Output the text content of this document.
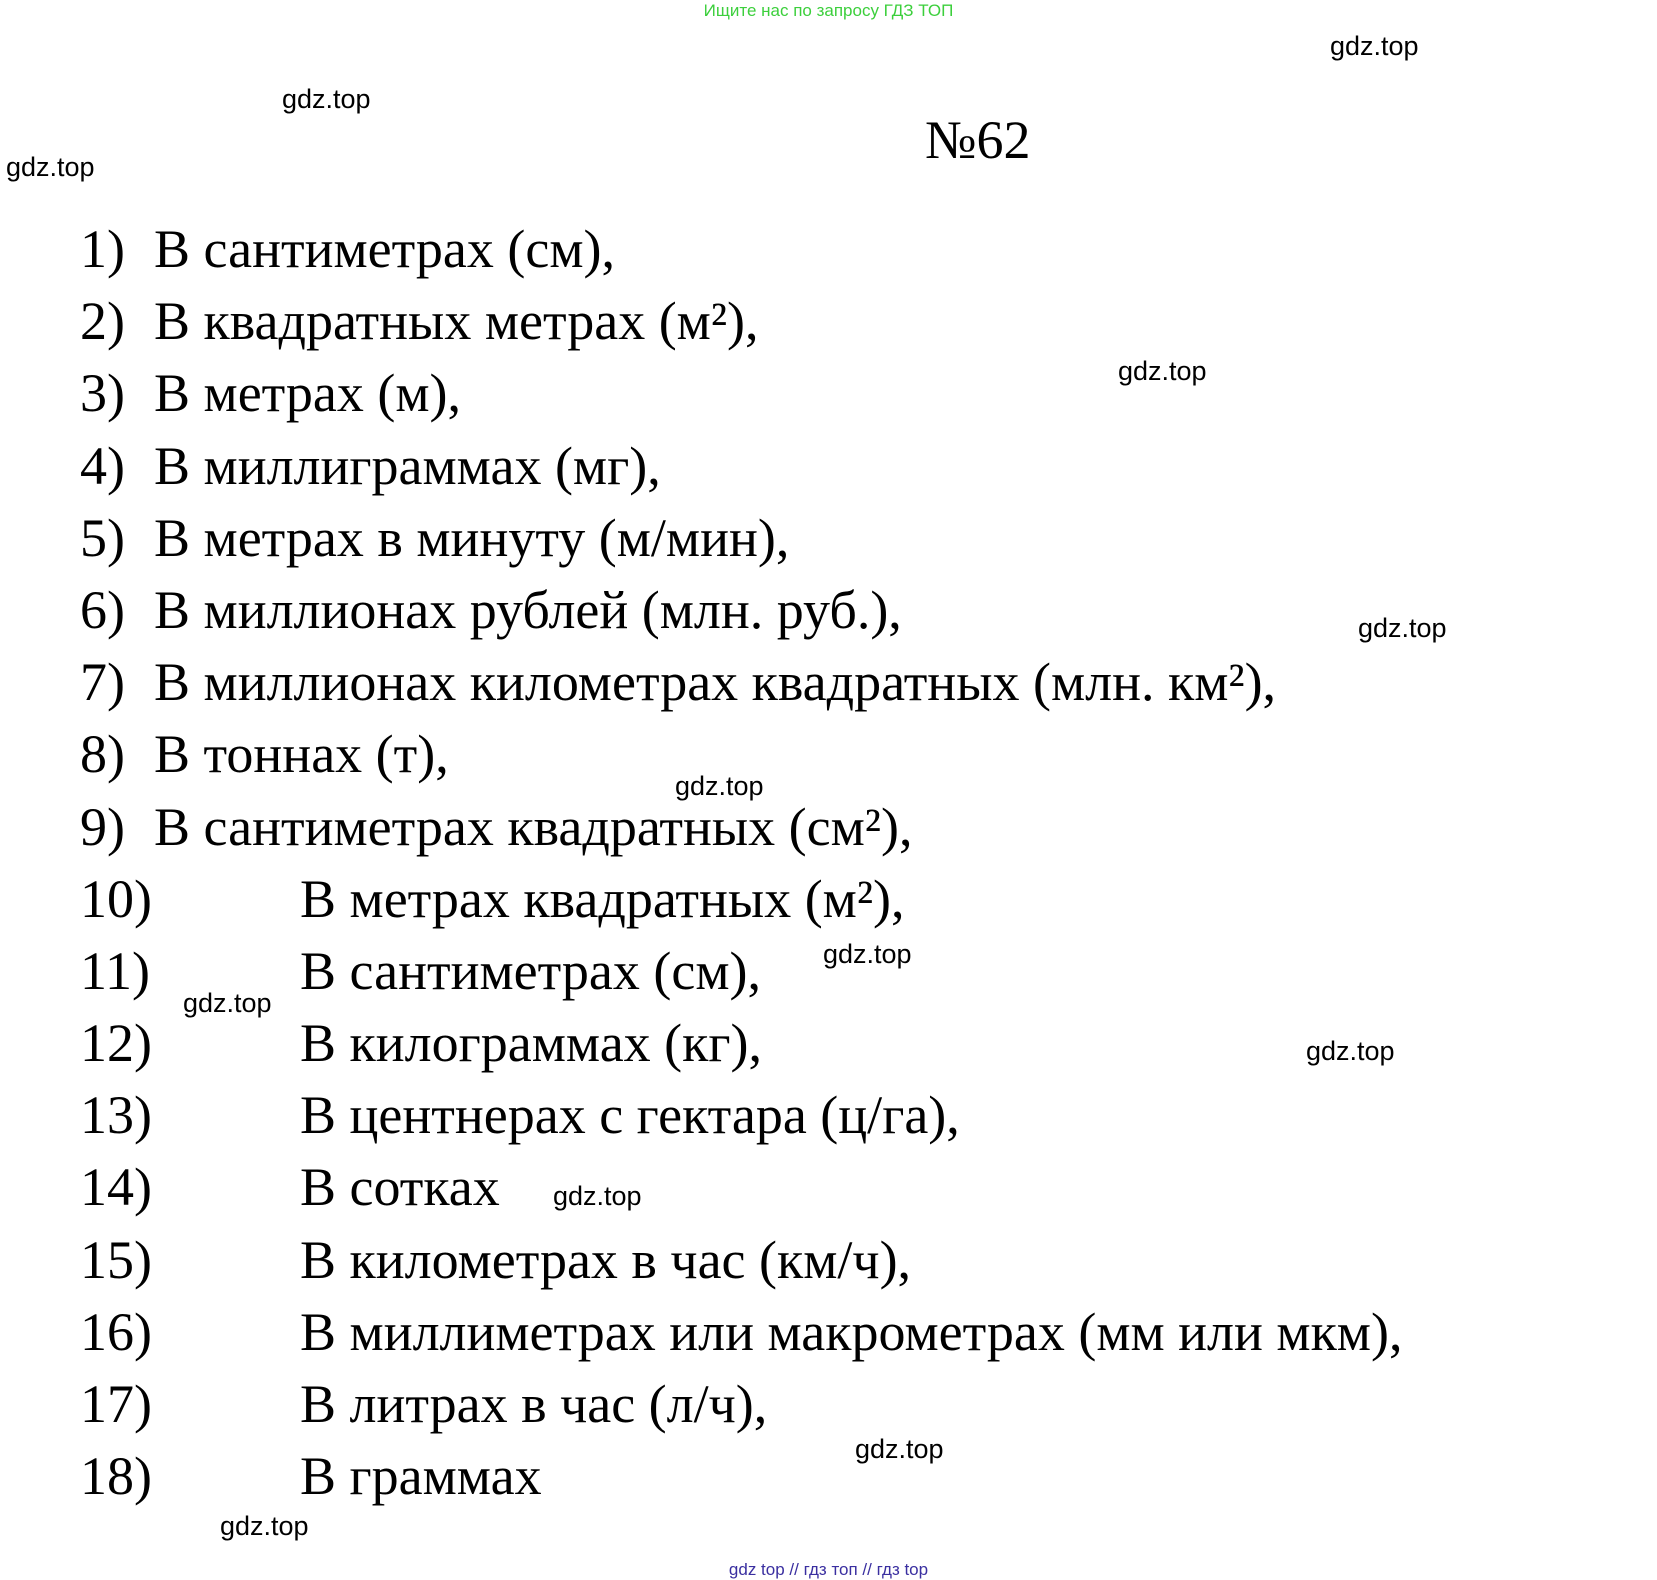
Ищите нас по запросу ГДЗ ТОП
gdz.top
gdz.top
gdz.top	№62
1) В сантиметрах (см),
2) В квадратных метрах (м²),
3) В метрах (м),
4) В миллиграммах (мг),
5) В метрах в минуту (м/мин),
6) В миллионах рублей (млн. руб.),
7) В миллионах километрах квадратных (млн. км²),
8) В тоннах (т),
9) В сантиметрах квадратных (см²),
10)	В метрах квадратных (м²),
11)	В сантиметрах (см),
12)	В килограммах (кг),
13)	В центнерах с гектара (ц/га),
14)	В сотках
15)	В километрах в час (км/ч),
16)	В миллиметрах или макрометрах (мм или мкм),
17)	В литрах в час (л/ч),
18)	В граммах
gdz.top
gdz.top
gdz.top
gdz.top
gdz.top
gdz.top
gdz.top
gdz.top
gdz.top
gdz top // гдз топ // гдз top
